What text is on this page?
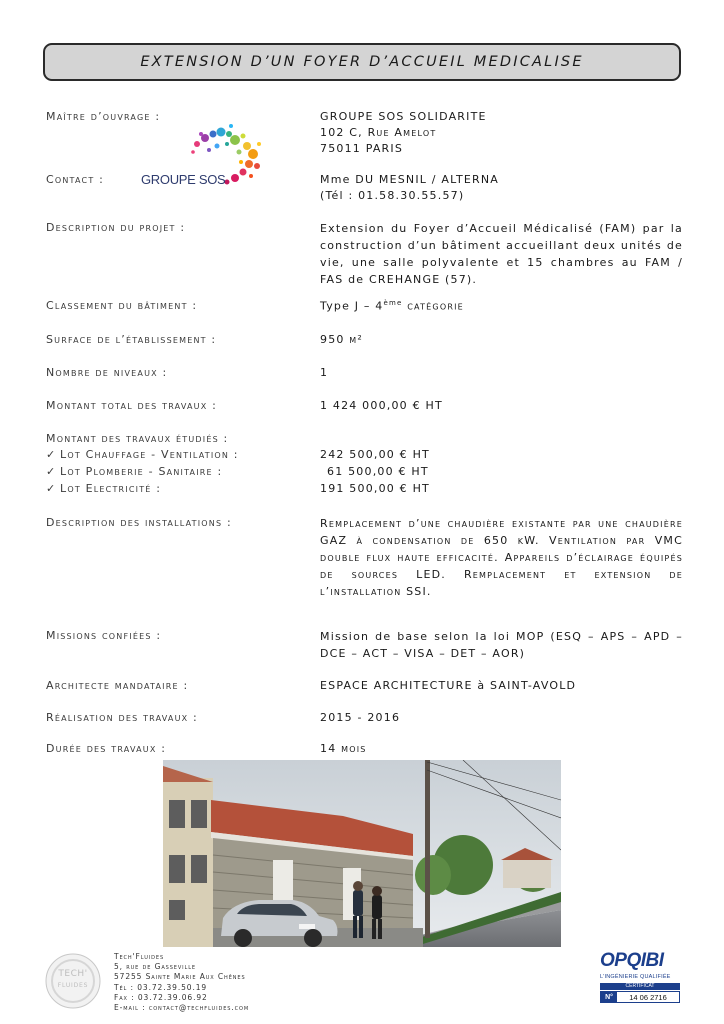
EXTENSION D’UN FOYER D’ACCUEIL MEDICALISE
Maître d’ouvrage :	GROUPE SOS SOLIDARITE
102 C, Rue Amelot
75011 PARIS
GROUPE SOS
Contact :	Mme DU MESNIL / ALTERNA
(Tél : 01.58.30.55.57)
Description du projet :	Extension du Foyer d’Accueil Médicalisé (FAM) par la construction d’un bâtiment accueillant deux unités de vie, une salle polyvalente et 15 chambres au FAM / FAS de CREHANGE (57).
Classement du bâtiment :	Type J – 4ème catégorie
Surface de l’établissement :	950 m²
Nombre de niveaux :	1
Montant total des travaux :	1 424 000,00 € HT
Montant des travaux étudiés :
✓ Lot Chauffage - Ventilation :	242 500,00 € HT
✓ Lot Plomberie - Sanitaire :	61 500,00 € HT
✓ Lot Electricité :	191 500,00 € HT
Description des installations :	Remplacement d’une chaudière existante par une chaudière GAZ à condensation de 650 kW. Ventilation par VMC double flux haute efficacité. Appareils d’éclairage équipés de sources LED. Remplacement et extension de l’installation SSI.
Missions confiées :	Mission de base selon la loi MOP (ESQ – APS – APD – DCE – ACT – VISA – DET – AOR)
Architecte mandataire :	ESPACE ARCHITECTURE à SAINT-AVOLD
Réalisation des travaux :	2015 - 2016
Durée des travaux :	14 mois
TECH'
FLUIDES
Tech'Fluides
5, rue de Gasseville
57255 Sainte Marie Aux Chênes
Tél : 03.72.39.50.19
Fax : 03.72.39.06.92
E-mail : contact@techfluides.com
OPQIBI
L'INGÉNIERIE QUALIFIÉE
CERTIFICAT
N°	14 06 2716
